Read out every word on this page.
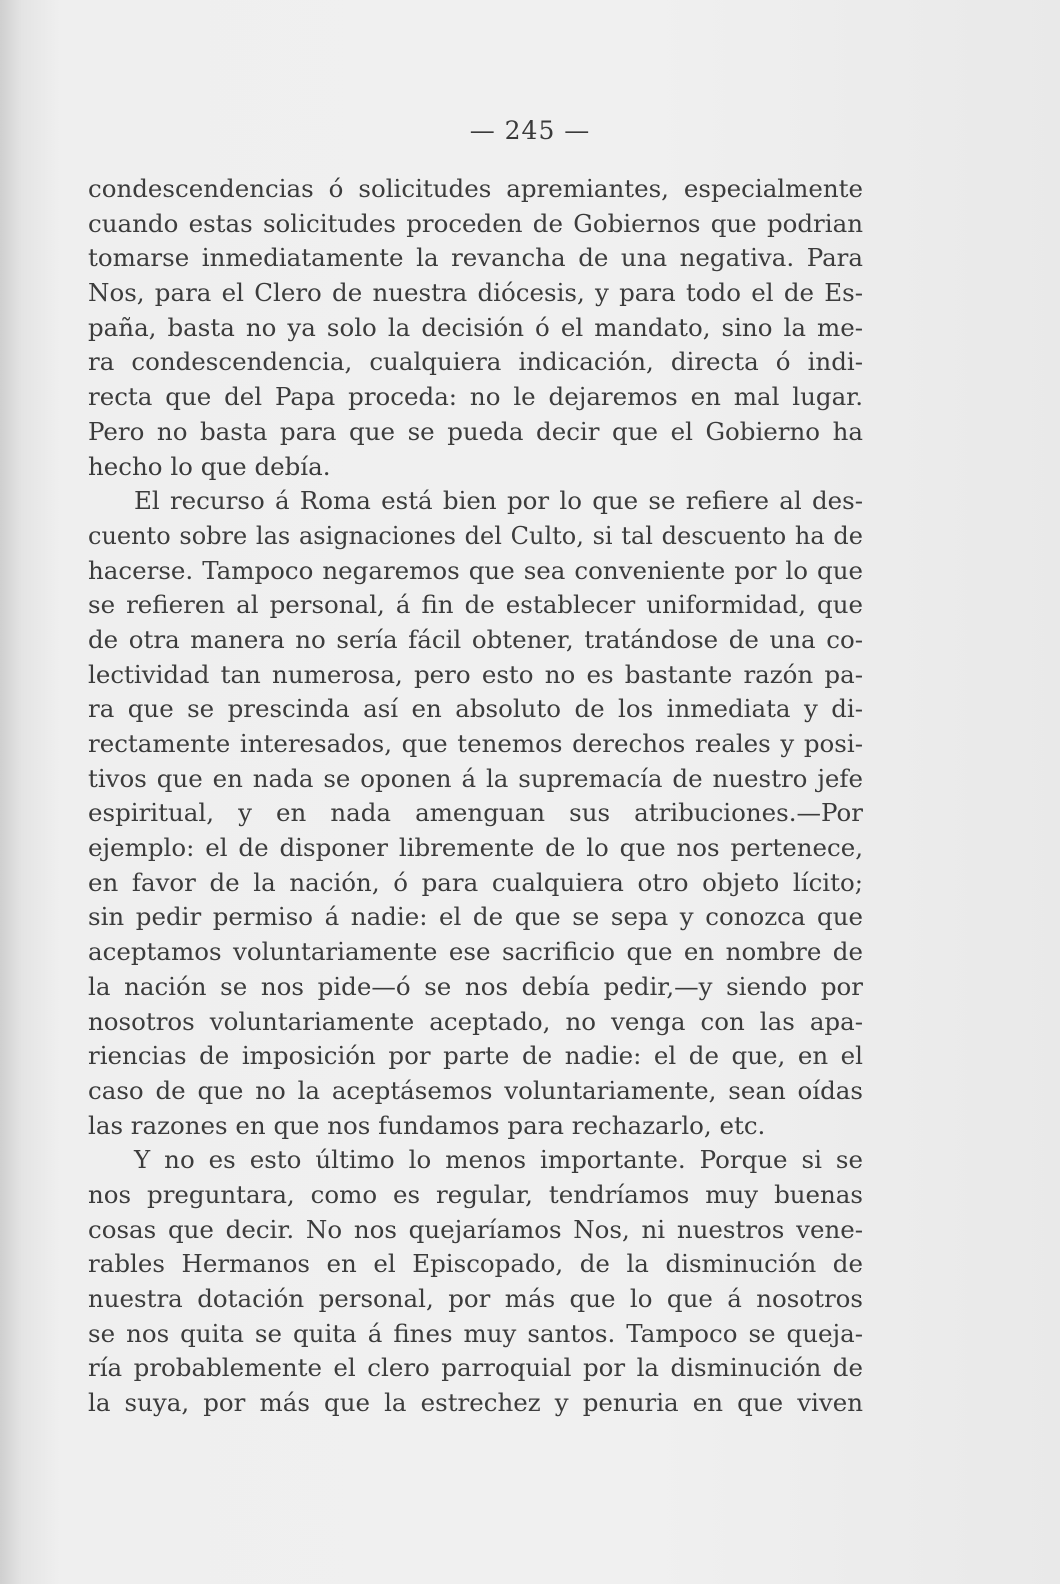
— 245 —
condescendencias ó solicitudes apremiantes, especialmente
cuando estas solicitudes proceden de Gobiernos que podrian
tomarse inmediatamente la revancha de una negativa. Para
Nos, para el Clero de nuestra diócesis, y para todo el de Es-
paña, basta no ya solo la decisión ó el mandato, sino la me-
ra condescendencia, cualquiera indicación, directa ó indi-
recta que del Papa proceda: no le dejaremos en mal lugar.
Pero no basta para que se pueda decir que el Gobierno ha
hecho lo que debía.
El recurso á Roma está bien por lo que se refiere al des-
cuento sobre las asignaciones del Culto, si tal descuento ha de
hacerse. Tampoco negaremos que sea conveniente por lo que
se refieren al personal, á fin de establecer uniformidad, que
de otra manera no sería fácil obtener, tratándose de una co-
lectividad tan numerosa, pero esto no es bastante razón pa-
ra que se prescinda así en absoluto de los inmediata y di-
rectamente interesados, que tenemos derechos reales y posi-
tivos que en nada se oponen á la supremacía de nuestro jefe
espiritual, y en nada amenguan sus atribuciones.—Por
ejemplo: el de disponer libremente de lo que nos pertenece,
en favor de la nación, ó para cualquiera otro objeto lícito;
sin pedir permiso á nadie: el de que se sepa y conozca que
aceptamos voluntariamente ese sacrificio que en nombre de
la nación se nos pide—ó se nos debía pedir,—y siendo por
nosotros voluntariamente aceptado, no venga con las apa-
riencias de imposición por parte de nadie: el de que, en el
caso de que no la aceptásemos voluntariamente, sean oídas
las razones en que nos fundamos para rechazarlo, etc.
Y no es esto último lo menos importante. Porque si se
nos preguntara, como es regular, tendríamos muy buenas
cosas que decir. No nos quejaríamos Nos, ni nuestros vene-
rables Hermanos en el Episcopado, de la disminución de
nuestra dotación personal, por más que lo que á nosotros
se nos quita se quita á fines muy santos. Tampoco se queja-
ría probablemente el clero parroquial por la disminución de
la suya, por más que la estrechez y penuria en que viven
